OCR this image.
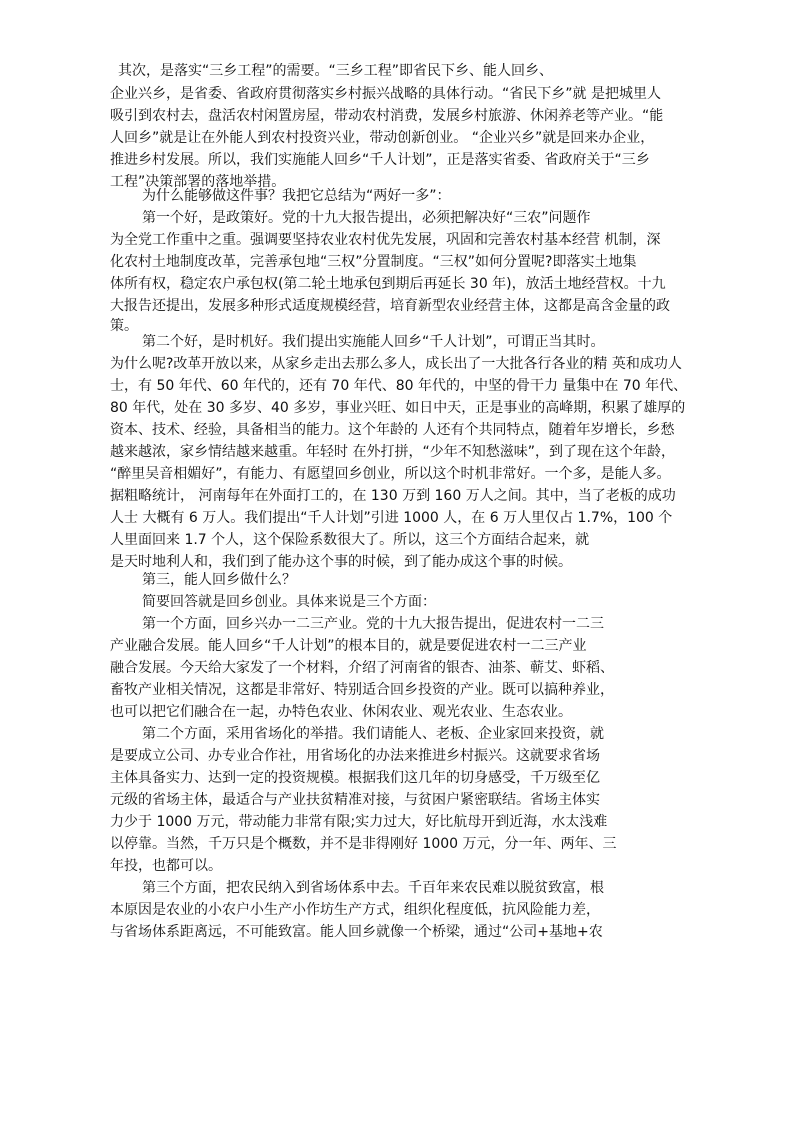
其次，是落实“三乡工程”的需要。“三乡工程”即省民下乡、能人回乡、
企业兴乡，是省委、省政府贯彻落实乡村振兴战略的具体行动。“省民下乡”就 是把城里人
吸引到农村去，盘活农村闲置房屋，带动农村消费，发展乡村旅游、休闲养老等产业。“能
人回乡”就是让在外能人到农村投资兴业，带动创新创业。 “企业兴乡”就是回来办企业，
推进乡村发展。所以，我们实施能人回乡“千人计划”，正是落实省委、省政府关于“三乡
工程”决策部署的落地举措。
为什么能够做这件事？我把它总结为“两好一多”：
第一个好，是政策好。党的十九大报告提出，必须把解决好“三农”问题作
为全党工作重中之重。强调要坚持农业农村优先发展，巩固和完善农村基本经营 机制，深
化农村土地制度改革，完善承包地“三权”分置制度。“三权”如何分置呢?即落实土地集
体所有权，稳定农户承包权(第二轮土地承包到期后再延长 30 年)，放活土地经营权。十九
大报告还提出，发展多种形式适度规模经营，培育新型农业经营主体，这都是高含金量的政
策。
第二个好，是时机好。我们提出实施能人回乡“千人计划”，可谓正当其时。
为什么呢?改革开放以来，从家乡走出去那么多人，成长出了一大批各行各业的精 英和成功人
士，有 50 年代、60 年代的，还有 70 年代、80 年代的，中坚的骨干力 量集中在 70 年代、
80 年代，处在 30 多岁、40 多岁，事业兴旺、如日中天，正是事业的高峰期，积累了雄厚的
资本、技术、经验，具备相当的能力。这个年龄的 人还有个共同特点，随着年岁增长，乡愁
越来越浓，家乡情结越来越重。年轻时 在外打拼，“少年不知愁滋味”，到了现在这个年龄，
“醉里吴音相媚好”，有能力、有愿望回乡创业，所以这个时机非常好。一个多，是能人多。
据粗略统计， 河南每年在外面打工的，在 130 万到 160 万人之间。其中，当了老板的成功
人士 大概有 6 万人。我们提出“千人计划”引进 1000 人，在 6 万人里仅占 1.7%，100 个
人里面回来 1.7 个人，这个保险系数很大了。所以，这三个方面结合起来，就
是天时地利人和，我们到了能办这个事的时候，到了能办成这个事的时候。
第三，能人回乡做什么？
简要回答就是回乡创业。具体来说是三个方面：
第一个方面，回乡兴办一二三产业。党的十九大报告提出，促进农村一二三
产业融合发展。能人回乡“千人计划”的根本目的，就是要促进农村一二三产业
融合发展。今天给大家发了一个材料，介绍了河南省的银杏、油茶、蕲艾、虾稻、
畜牧产业相关情况，这都是非常好、特别适合回乡投资的产业。既可以搞种养业，
也可以把它们融合在一起，办特色农业、休闲农业、观光农业、生态农业。
第二个方面，采用省场化的举措。我们请能人、老板、企业家回来投资，就
是要成立公司、办专业合作社，用省场化的办法来推进乡村振兴。这就要求省场
主体具备实力、达到一定的投资规模。根据我们这几年的切身感受，千万级至亿
元级的省场主体，最适合与产业扶贫精准对接，与贫困户紧密联结。省场主体实
力少于 1000 万元，带动能力非常有限;实力过大，好比航母开到近海，水太浅难
以停靠。当然，千万只是个概数，并不是非得刚好 1000 万元，分一年、两年、三
年投，也都可以。
第三个方面，把农民纳入到省场体系中去。千百年来农民难以脱贫致富，根
本原因是农业的小农户小生产小作坊生产方式，组织化程度低，抗风险能力差，
与省场体系距离远，不可能致富。能人回乡就像一个桥梁，通过“公司+基地+农
